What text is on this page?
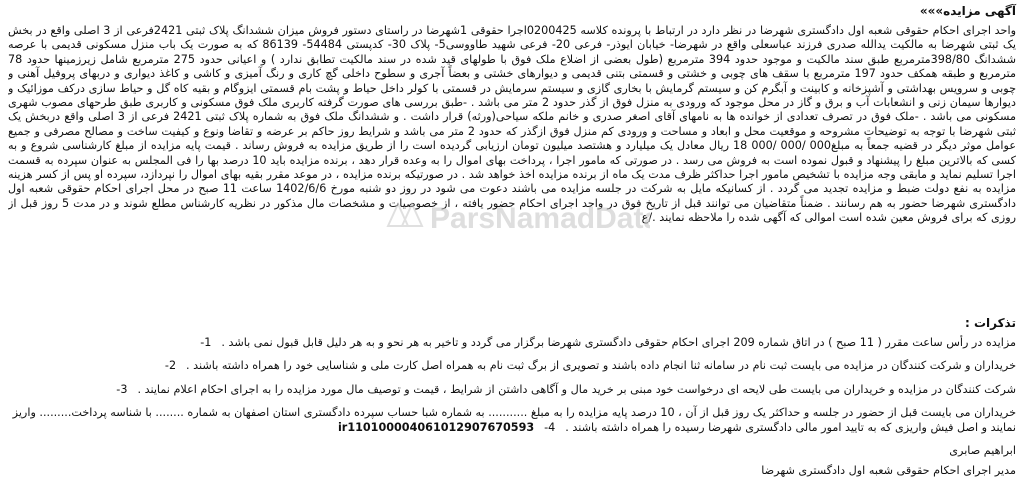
آگهی مزایده»»»

واحد اجرای احکام حقوقی شعبه اول دادگستری شهرضا در نظر دارد در ارتباط با پرونده کلاسه 0200425اجرا حقوقی 1شهرضا در راستای دستور فروش میزان ششدانگ پلاک ثبتی 2421فرعی از 3 اصلی واقع در بخش یک ثبتی شهرضا به مالکیت یدالله صدری فرزند عباسعلی واقع در شهرضا- خیابان ایوذر- فرعی 20- فرعی شهید طاووسی5- پلاک 30- کدپستی 54484- 86139 که به صورت یک باب منزل مسکونی قدیمی با عرصه ششدانگ 398/80مترمربع طبق سند مالکیت و موجود حدود 394 مترمربع (طول بعضی از اضلاع ملک فوق با طولهای قید شده در سند مالکیت تطابق ندارد ) و اعیانی حدود 275 مترمربع شامل زیرزمینها حدود 78 مترمربع و طبقه همکف حدود 197 مترمربع با سقف های چوبی و خشتی و قسمتی بتنی قدیمی و دیوارهای خشتی و بعضاً آجری و سطوح داخلی گچ کاری و رنگ آمیزی و کاشی و کاغذ دیواری و دربهای پروفیل آهنی و چوبی و سرویس بهداشتی و آشپزخانه و کابینت و آبگرم کن و سیستم گرمایش با بخاری گازی و سیستم سرمایش در قسمتی با کولر داخل حیاط و پشت بام قسمتی ایزوگام و بقیه کاه گل و حیاط سازی درکف موزائیک و دیوارها سیمان زنی و انشعابات آب و برق و گاز در محل موجود که ورودی به منزل فوق از گذر حدود 2 متر می باشد . -طبق بررسی های صورت گرفته کاربری ملک فوق مسکونی و کاربری طبق طرحهای مصوب شهری مسکونی می باشد . -ملک فوق در تصرف تعدادی از خوانده ها به نامهای آقای اصغر صدری و خانم ملکه سیاحی(ورثه) قرار داشت . و ششدانگ ملک فوق به شماره پلاک ثبتی 2421 فرعی از 3 اصلی واقع دربخش یک ثبتی شهرضا با توجه به توضیحات مشروحه و موقعیت محل و ابعاد و مساحت و ورودی کم منزل فوق ازگذر که حدود 2 متر می باشد و شرایط روز حاکم بر عرضه و تقاضا ونوع و کیفیت ساخت و مصالح مصرفی و جمیع عوامل موثر دیگر در قضیه جمعاً به مبلغ000 /000 /000 18 ریال معادل یک میلیارد و هشتصد میلیون تومان ارزیابی گردیده است را از طریق مزایده به فروش رساند . قیمت پایه مزایده از مبلغ کارشناسی شروع و به کسی که بالاترین مبلغ را پیشنهاد و قبول نموده است به فروش می رسد . در صورتی که مامور اجرا ، پرداخت بهای اموال را به وعده قرار دهد ، برنده مزایده باید 10 درصد بها را فی المجلس به عنوان سپرده به قسمت اجرا تسلیم نماید و مابقی وجه مزایده با تشخیص مامور اجرا حداکثر ظرف مدت یک ماه از برنده مزایده اخذ خواهد شد . در صورتیکه برنده مزایده ، در موعد مقرر بقیه بهای اموال را نپردازد، سپرده او پس از کسر هزینه مزایده به نفع دولت ضبط و مزایده تجدید می گردد . از کسانیکه مایل به شرکت در جلسه مزایده می باشند دعوت می شود در روز دو شنبه مورخ 1402/6/6 ساعت 11 صبح در محل اجرای احکام حقوقی شعبه اول دادگستری شهرضا حضور به هم رسانند . ضمناً متقاضیان می توانند قبل از تاریخ فوق در واحد اجرای احکام حضور یافته ، از خصوصیات و مشخصات مال مذکور در نظریه کارشناس مطلع شوند و در مدت 5 روز قبل از روزی که برای فروش معین شده است اموالی که آگهی شده را ملاحظه نمایند ./ع

تذکرات :
مزایده در رأس ساعت مقرر ( 11 صبح ) در اتاق شماره 209 اجرای احکام حقوقی دادگستری شهرضا برگزار می گردد و تاخیر به هر نحو و به هر دلیل قابل قبول نمی باشد . 1-
خریداران و شرکت کنندگان در مزایده می بایست ثبت نام در سامانه ثنا انجام داده باشند و تصویری از برگ ثبت نام به همراه اصل کارت ملی و شناسایی خود را همراه داشته باشند . 2-
شرکت کنندگان در مزایده و خریداران می بایست طی لایحه ای درخواست خود مبنی بر خرید مال و آگاهی داشتن از شرایط ، قیمت و توصیف مال مورد مزایده را به اجرای احکام اعلام نمایند . 3-
خریداران می بایست قبل از حضور در جلسه و حداکثر یک روز قبل از آن ، 10 درصد پایه مزایده را به مبلغ ........... به شماره شبا حساب سپرده دادگستری استان اصفهان به شماره ........ با شناسه پرداخت......... واریز نمایند و اصل فیش واریزی که به تایید امور مالی دادگستری شهرضا رسیده را همراه داشته باشند . 4- ir110100004061012907670593
ابراهیم صابری
مدیر اجرای احکام حقوقی شعبه اول دادگستری شهرضا
ParsNamadData
